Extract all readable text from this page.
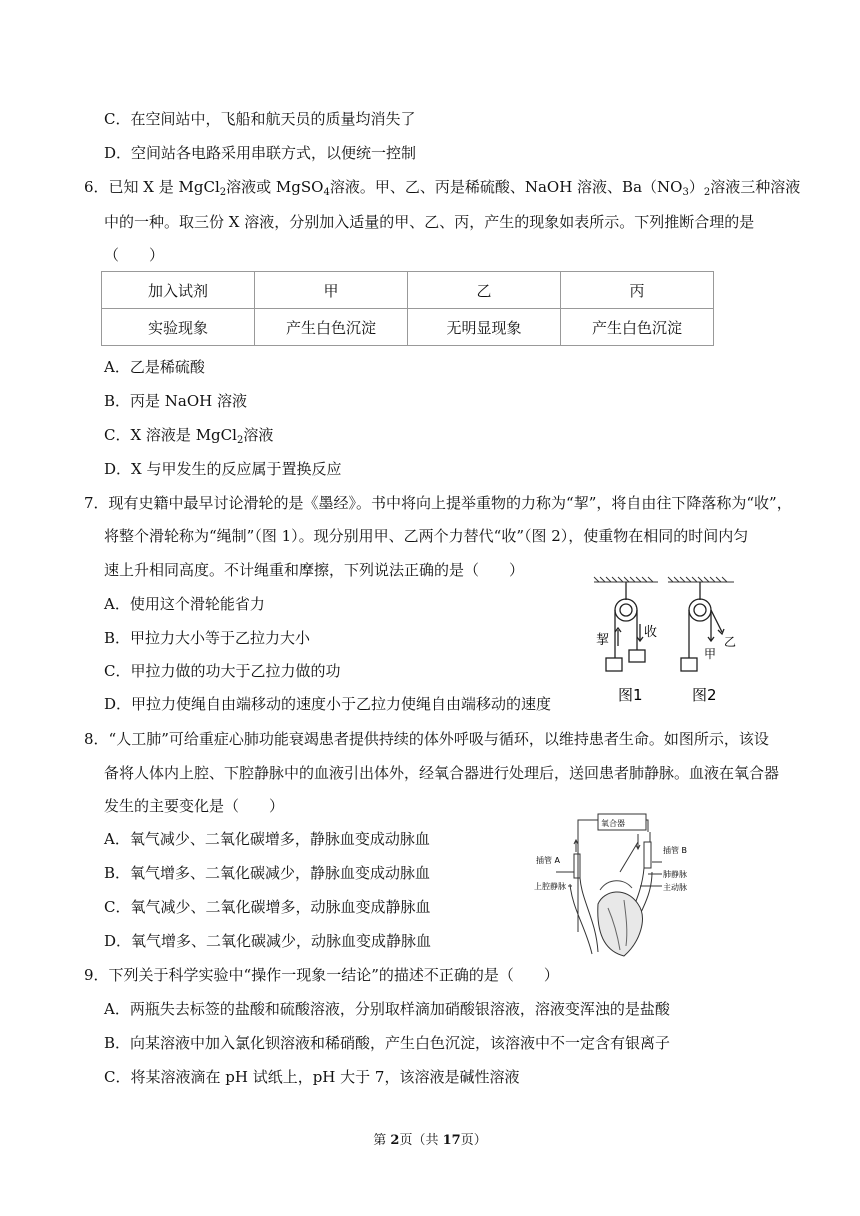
C．在空间站中，飞船和航天员的质量均消失了
D．空间站各电路采用串联方式，以便统一控制
6．已知 X 是 MgCl$_2$溶液或 MgSO$_4$溶液。甲、乙、丙是稀硫酸、NaOH 溶液、$Ba(NO_3)_2$溶液三种溶液
中的一种。取三份 X 溶液，分别加入适量的甲、乙、丙，产生的现象如表所示。下列推断合理的是
（　　）
加入试剂	甲	乙	丙
实验现象	产生白色沉淀	无明显现象	产生白色沉淀
A．乙是稀硫酸
B．丙是 NaOH 溶液
C．X 溶液是 MgCl$_2$溶液
D．X 与甲发生的反应属于置换反应
7．现有史籍中最早讨论滑轮的是《墨经》。书中将向上提举重物的力称为“挈”，将自由往下降落称为“收”，
将整个滑轮称为“绳制”（图 1）。现分别用甲、乙两个力替代“收”（图 2），使重物在相同的时间内匀
速上升相同高度。不计绳重和摩擦，下列说法正确的是（　　）
A．使用这个滑轮能省力
B．甲拉力大小等于乙拉力大小
C．甲拉力做的功大于乙拉力做的功
D．甲拉力使绳自由端移动的速度小于乙拉力使绳自由端移动的速度
挈
收
甲
乙
图1	图2
8．“人工肺”可给重症心肺功能衰竭患者提供持续的体外呼吸与循环，以维持患者生命。如图所示，该设
备将人体内上腔、下腔静脉中的血液引出体外，经氧合器进行处理后，送回患者肺静脉。血液在氧合器
发生的主要变化是（　　）
A．氧气减少、二氧化碳增多，静脉血变成动脉血
B．氧气增多、二氧化碳减少，静脉血变成动脉血
C．氧气减少、二氧化碳增多，动脉血变成静脉血
D．氧气增多、二氧化碳减少，动脉血变成静脉血
氧合器
插管 A
插管 B
肺静脉
主动脉
上腔静脉
9．下列关于科学实验中“操作一现象一结论”的描述不正确的是（　　）
A．两瓶失去标签的盐酸和硫酸溶液，分别取样滴加硝酸银溶液，溶液变浑浊的是盐酸
B．向某溶液中加入氯化钡溶液和稀硝酸，产生白色沉淀，该溶液中不一定含有银离子
C．将某溶液滴在 pH 试纸上，pH 大于 7，该溶液是碱性溶液
第 2页（共 17页）
